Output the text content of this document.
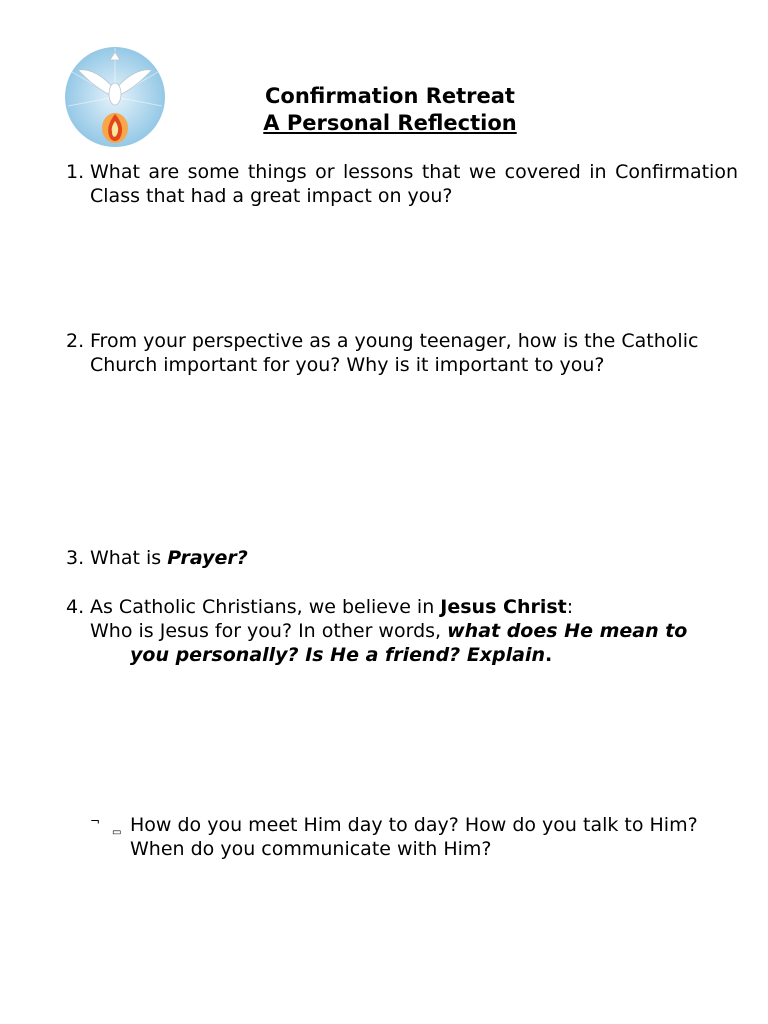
Confirmation Retreat
A Personal Reflection
1. What are some things or lessons that we covered in Confirmation Class that had a great impact on you?
2. From your perspective as a young teenager, how is the Catholic Church important for you? Why is it important to you?
3. What is Prayer?
4. As Catholic Christians, we believe in Jesus Christ:
Who is Jesus for you? In other words, what does He mean to
you personally? Is He a friend? Explain.
¬
▭ How do you meet Him day to day? How do you talk to Him?
When do you communicate with Him?
